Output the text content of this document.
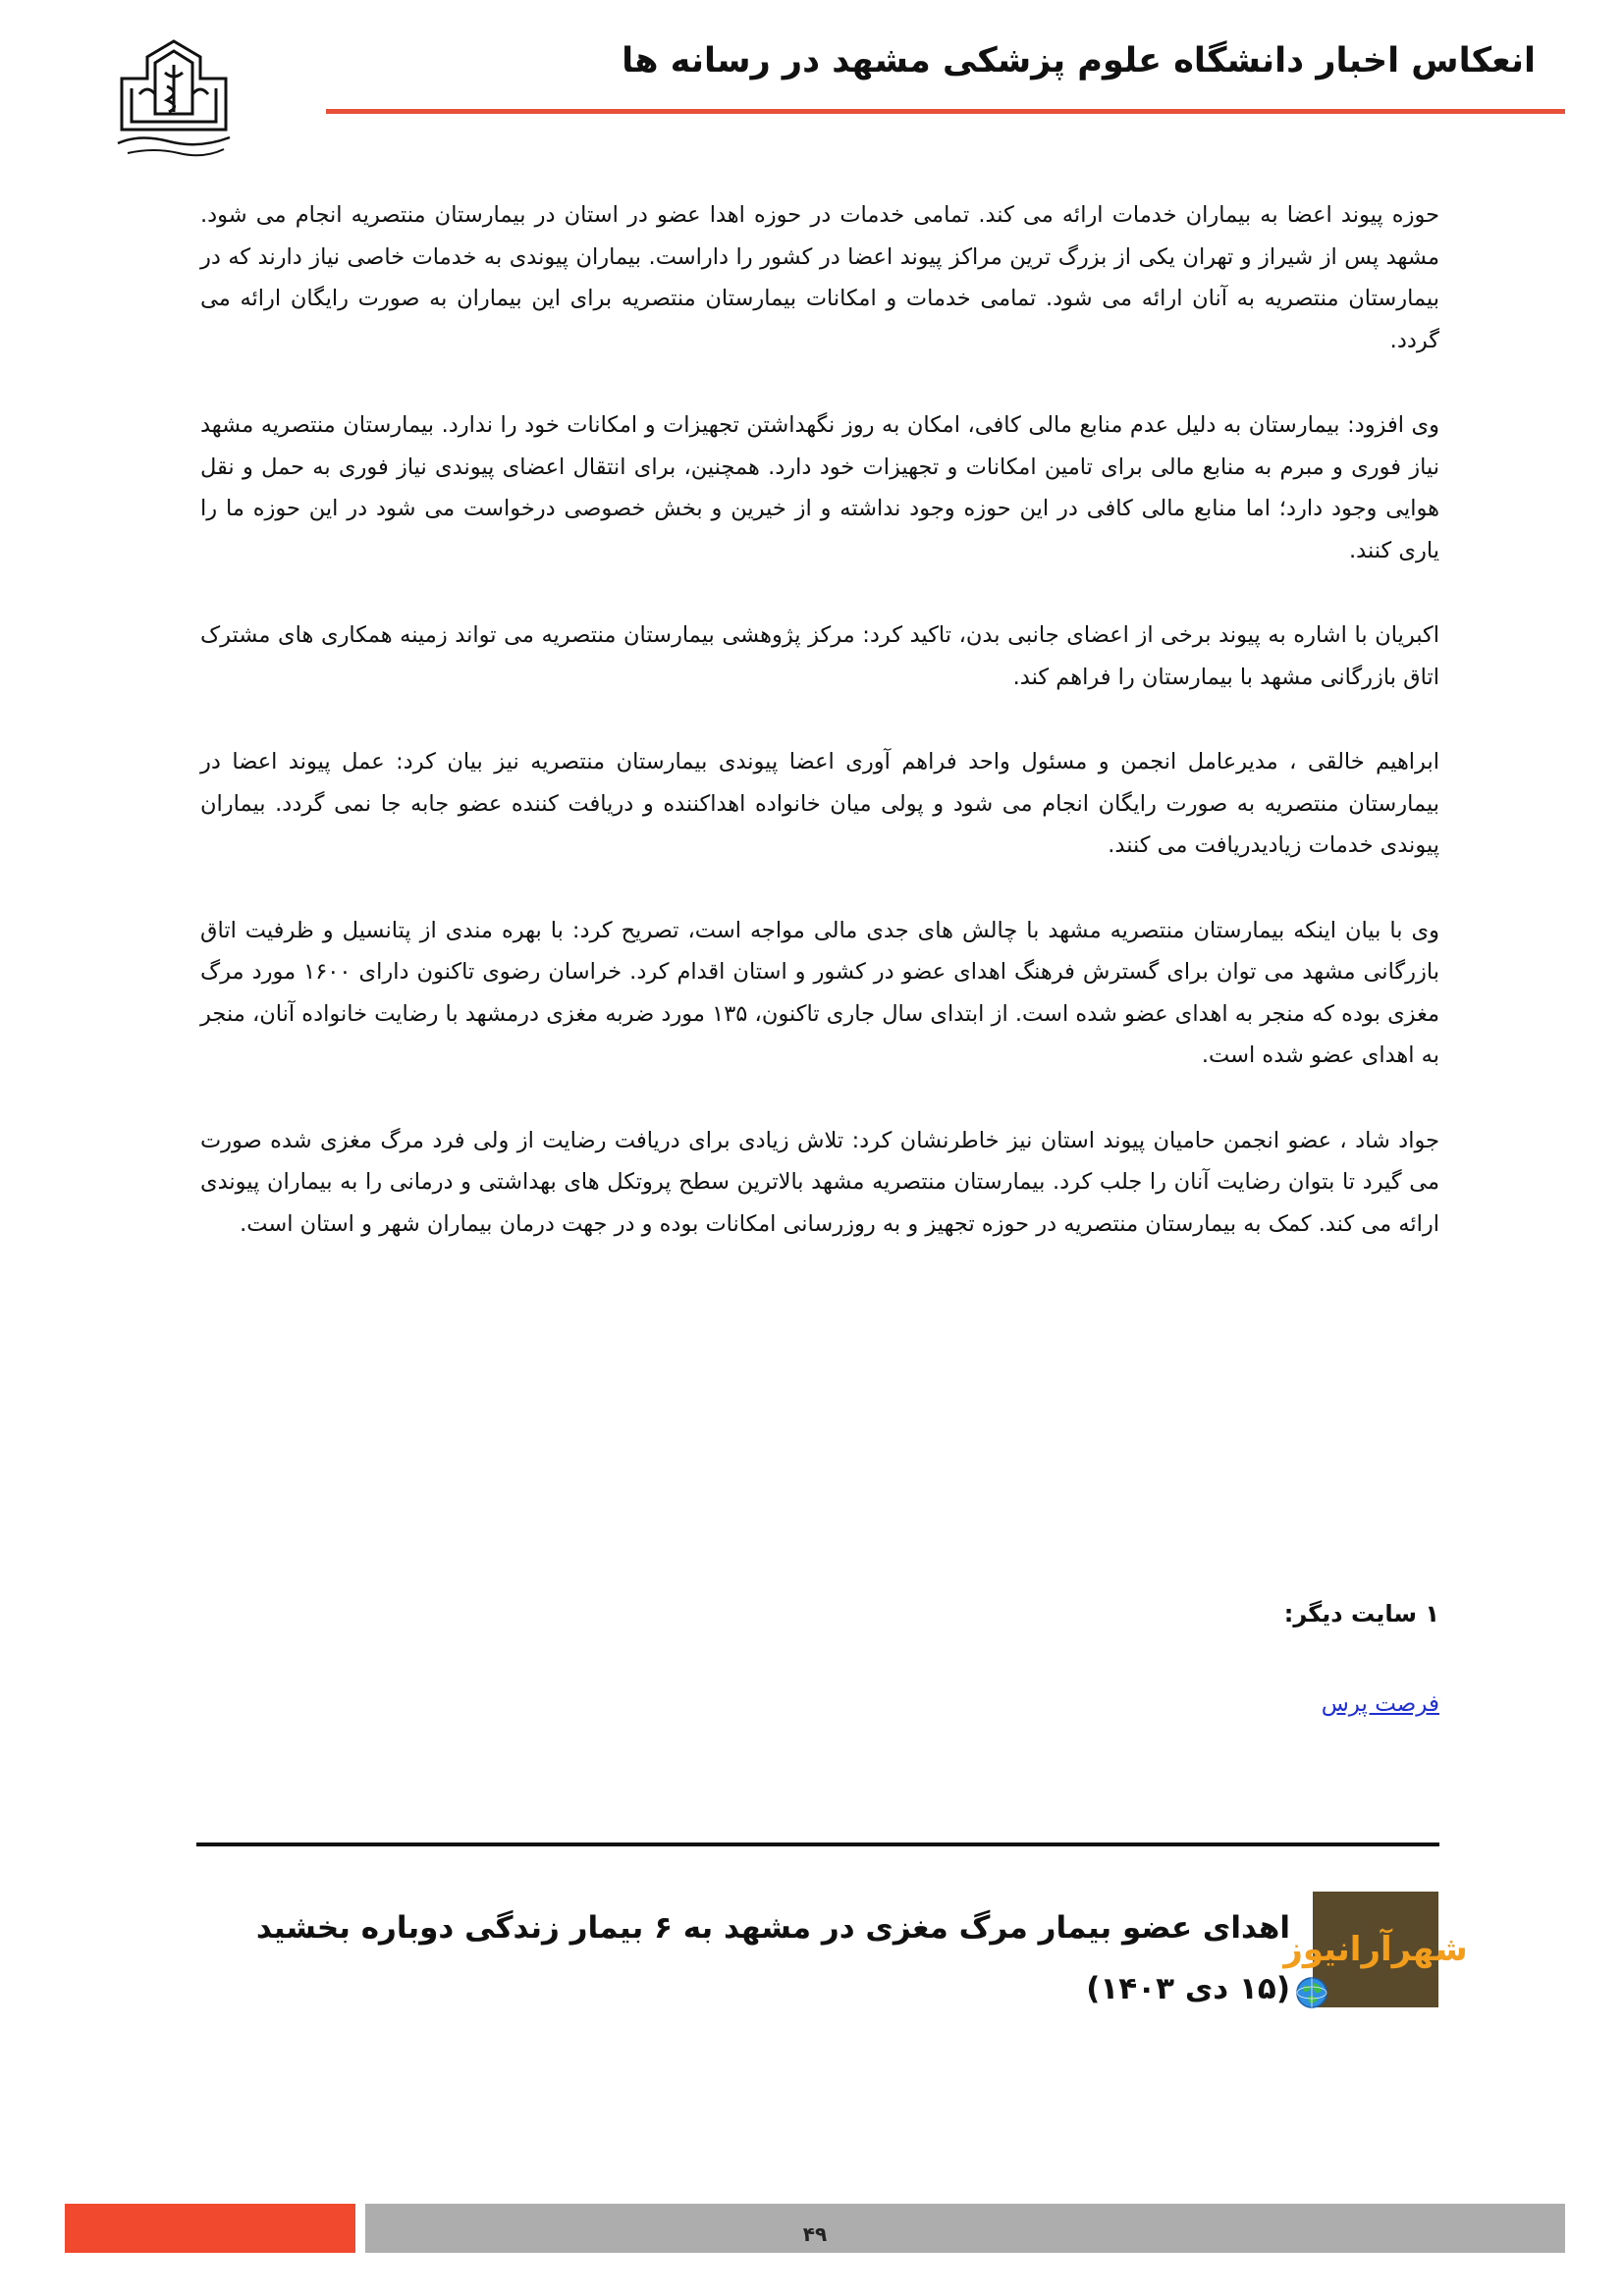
انعکاس اخبار دانشگاه علوم پزشکی مشهد در رسانه ها

حوزه پیوند اعضا به بیماران خدمات ارائه می کند. تمامی خدمات در حوزه اهدا عضو در استان در بیمارستان منتصریه انجام می شود. مشهد پس از شیراز و تهران یکی از بزرگ ترین مراکز پیوند اعضا در کشور را داراست. بیماران پیوندی به خدمات خاصی نیاز دارند که در بیمارستان منتصریه به آنان ارائه می شود. تمامی خدمات و امکانات بیمارستان منتصریه برای این بیماران به صورت رایگان ارائه می گردد.

وی افزود: بیمارستان به دلیل عدم منابع مالی کافی، امکان به روز نگهداشتن تجهیزات و امکانات خود را ندارد. بیمارستان منتصریه مشهد نیاز فوری و مبرم به منابع مالی برای تامین امکانات و تجهیزات خود دارد. همچنین، برای انتقال اعضای پیوندی نیاز فوری به حمل و نقل هوایی وجود دارد؛ اما منابع مالی کافی در این حوزه وجود نداشته و از خیرین و بخش خصوصی درخواست می شود در این حوزه ما را یاری کنند.

اکبریان با اشاره به پیوند برخی از اعضای جانبی بدن، تاکید کرد: مرکز پژوهشی بیمارستان منتصریه می تواند زمینه همکاری های مشترک اتاق بازرگانی مشهد با بیمارستان را فراهم کند.

ابراهیم خالقی ، مدیرعامل انجمن و مسئول واحد فراهم آوری اعضا پیوندی بیمارستان منتصریه نیز بیان کرد: عمل پیوند اعضا در بیمارستان منتصریه به صورت رایگان انجام می شود و پولی میان خانواده اهداکننده و دریافت کننده عضو جابه جا نمی گردد. بیماران پیوندی خدمات زیادیدریافت می کنند.

وی با بیان اینکه بیمارستان منتصریه مشهد با چالش های جدی مالی مواجه است، تصریح کرد: با بهره مندی از پتانسیل و ظرفیت اتاق بازرگانی مشهد می توان برای گسترش فرهنگ اهدای عضو در کشور و استان اقدام کرد. خراسان رضوی تاکنون دارای ۱۶۰۰ مورد مرگ مغزی بوده که منجر به اهدای عضو شده است. از ابتدای سال جاری تاکنون، ۱۳۵ مورد ضربه مغزی درمشهد با رضایت خانواده آنان، منجر به اهدای عضو شده است.

جواد شاد ، عضو انجمن حامیان پیوند استان نیز خاطرنشان کرد: تلاش زیادی برای دریافت رضایت از ولی فرد مرگ مغزی شده صورت می گیرد تا بتوان رضایت آنان را جلب کرد. بیمارستان منتصریه مشهد بالاترین سطح پروتکل های بهداشتی و درمانی را به بیماران پیوندی ارائه می کند. کمک به بیمارستان منتصریه در حوزه تجهیز و به روزرسانی امکانات بوده و در جهت درمان بیماران شهر و استان است.

۱ سایت دیگر:
فرصت پرس
شهرآرانیوز
اهدای عضو بیمار مرگ مغزی در مشهد به ۶ بیمار زندگی دوباره بخشید (۱۵ دی ۱۴۰۳)
۴۹
